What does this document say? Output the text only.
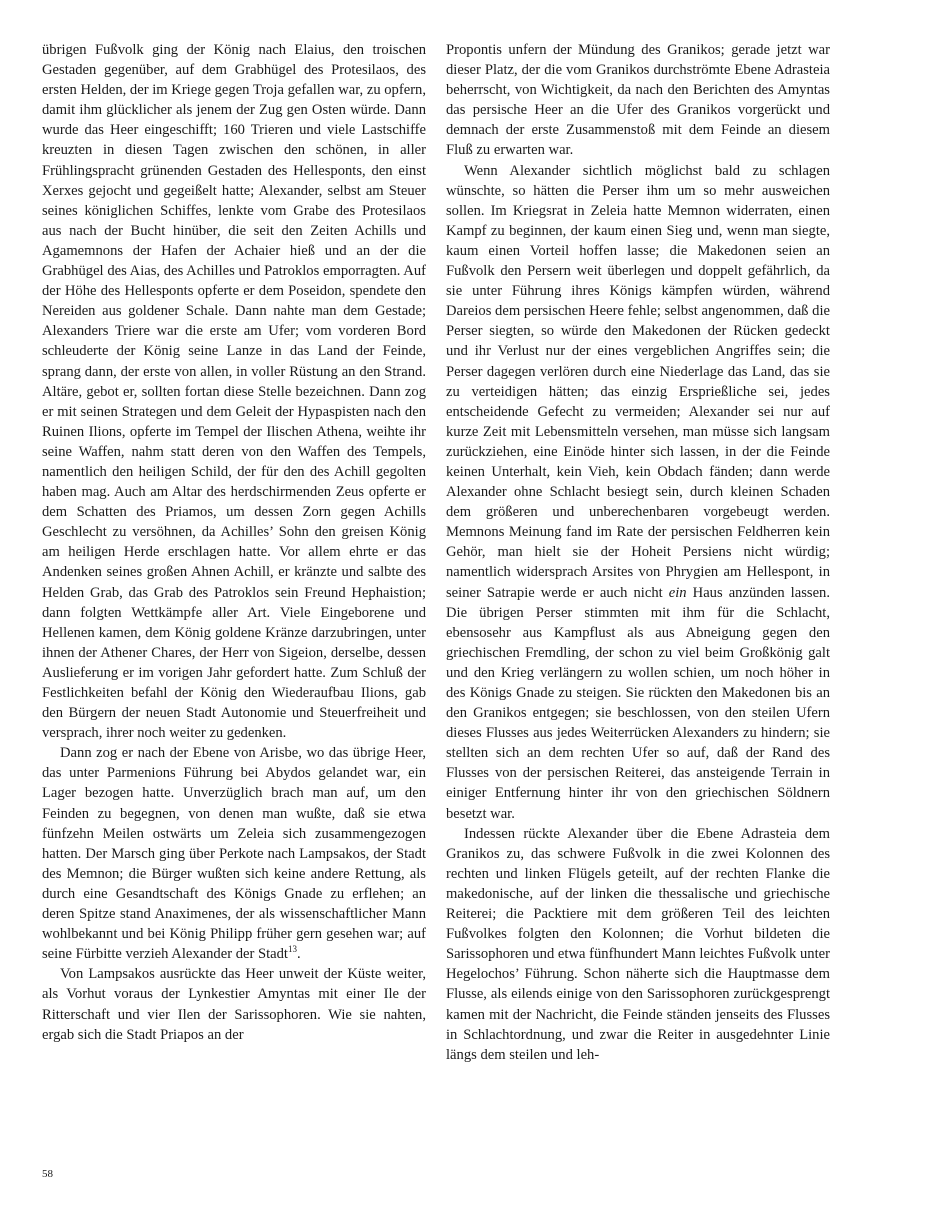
übrigen Fußvolk ging der König nach Elaius, den troischen Gestaden gegenüber, auf dem Grabhügel des Protesilaos, des ersten Helden, der im Kriege gegen Troja gefallen war, zu opfern, damit ihm glücklicher als jenem der Zug gen Osten würde. Dann wurde das Heer eingeschifft; 160 Trieren und viele Lastschiffe kreuzten in diesen Tagen zwischen den schönen, in aller Frühlingspracht grünenden Gestaden des Hellesponts, den einst Xerxes gejocht und gegeißelt hatte; Alexander, selbst am Steuer seines königlichen Schiffes, lenkte vom Grabe des Protesilaos aus nach der Bucht hinüber, die seit den Zeiten Achills und Agamemnons der Hafen der Achaier hieß und an der die Grabhügel des Aias, des Achilles und Patroklos emporragten. Auf der Höhe des Hellesponts opferte er dem Poseidon, spendete den Nereiden aus goldener Schale. Dann nahte man dem Gestade; Alexanders Triere war die erste am Ufer; vom vorderen Bord schleuderte der König seine Lanze in das Land der Feinde, sprang dann, der erste von allen, in voller Rüstung an den Strand. Altäre, gebot er, sollten fortan diese Stelle bezeichnen. Dann zog er mit seinen Strategen und dem Geleit der Hypaspisten nach den Ruinen Ilions, opferte im Tempel der Ilischen Athena, weihte ihr seine Waffen, nahm statt deren von den Waffen des Tempels, namentlich den heiligen Schild, der für den des Achill gegolten haben mag. Auch am Altar des herdschirmenden Zeus opferte er dem Schatten des Priamos, um dessen Zorn gegen Achills Geschlecht zu versöhnen, da Achilles’ Sohn den greisen König am heiligen Herde erschlagen hatte. Vor allem ehrte er das Andenken seines großen Ahnen Achill, er kränzte und salbte des Helden Grab, das Grab des Patroklos sein Freund Hephaistion; dann folgten Wettkämpfe aller Art. Viele Eingeborene und Hellenen kamen, dem König goldene Kränze darzubringen, unter ihnen der Athener Chares, der Herr von Sigeion, derselbe, dessen Auslieferung er im vorigen Jahr gefordert hatte. Zum Schluß der Festlichkeiten befahl der König den Wiederaufbau Ilions, gab den Bürgern der neuen Stadt Autonomie und Steuerfreiheit und versprach, ihrer noch weiter zu gedenken.

Dann zog er nach der Ebene von Arisbe, wo das übrige Heer, das unter Parmenions Führung bei Abydos gelandet war, ein Lager bezogen hatte. Unverzüglich brach man auf, um den Feinden zu begegnen, von denen man wußte, daß sie etwa fünfzehn Meilen ostwärts um Zeleia sich zusammengezogen hatten. Der Marsch ging über Perkote nach Lampsakos, der Stadt des Memnon; die Bürger wußten sich keine andere Rettung, als durch eine Gesandtschaft des Königs Gnade zu erflehen; an deren Spitze stand Anaximenes, der als wissenschaftlicher Mann wohlbekannt und bei König Philipp früher gern gesehen war; auf seine Fürbitte verzieh Alexander der Stadt$^{13}$.

Von Lampsakos ausrückte das Heer unweit der Küste weiter, als Vorhut voraus der Lynkestier Amyntas mit einer Ile der Ritterschaft und vier Ilen der Sarissophoren. Wie sie nahten, ergab sich die Stadt Priapos an der

Propontis unfern der Mündung des Granikos; gerade jetzt war dieser Platz, der die vom Granikos durchströmte Ebene Adrasteia beherrscht, von Wichtigkeit, da nach den Berichten des Amyntas das persische Heer an die Ufer des Granikos vorgerückt und demnach der erste Zusammenstoß mit dem Feinde an diesem Fluß zu erwarten war.

Wenn Alexander sichtlich möglichst bald zu schlagen wünschte, so hätten die Perser ihm um so mehr ausweichen sollen. Im Kriegsrat in Zeleia hatte Memnon widerraten, einen Kampf zu beginnen, der kaum einen Sieg und, wenn man siegte, kaum einen Vorteil hoffen lasse; die Makedonen seien an Fußvolk den Persern weit überlegen und doppelt gefährlich, da sie unter Führung ihres Königs kämpfen würden, während Dareios dem persischen Heere fehle; selbst angenommen, daß die Perser siegten, so würde den Makedonen der Rücken gedeckt und ihr Verlust nur der eines vergeblichen Angriffes sein; die Perser dagegen verlören durch eine Niederlage das Land, das sie zu verteidigen hätten; das einzig Ersprießliche sei, jedes entscheidende Gefecht zu vermeiden; Alexander sei nur auf kurze Zeit mit Lebensmitteln versehen, man müsse sich langsam zurückziehen, eine Einöde hinter sich lassen, in der die Feinde keinen Unterhalt, kein Vieh, kein Obdach fänden; dann werde Alexander ohne Schlacht besiegt sein, durch kleinen Schaden dem größeren und unberechenbaren vorgebeugt werden. Memnons Meinung fand im Rate der persischen Feldherren kein Gehör, man hielt sie der Hoheit Persiens nicht würdig; namentlich widersprach Arsites von Phrygien am Hellespont, in seiner Satrapie werde er auch nicht ein Haus anzünden lassen. Die übrigen Perser stimmten mit ihm für die Schlacht, ebensosehr aus Kampflust als aus Abneigung gegen den griechischen Fremdling, der schon zu viel beim Großkönig galt und den Krieg verlängern zu wollen schien, um noch höher in des Königs Gnade zu steigen. Sie rückten den Makedonen bis an den Granikos entgegen; sie beschlossen, von den steilen Ufern dieses Flusses aus jedes Weiterrücken Alexanders zu hindern; sie stellten sich an dem rechten Ufer so auf, daß der Rand des Flusses von der persischen Reiterei, das ansteigende Terrain in einiger Entfernung hinter ihr von den griechischen Söldnern besetzt war.

Indessen rückte Alexander über die Ebene Adrasteia dem Granikos zu, das schwere Fußvolk in die zwei Kolonnen des rechten und linken Flügels geteilt, auf der rechten Flanke die makedonische, auf der linken die thessalische und griechische Reiterei; die Packtiere mit dem größeren Teil des leichten Fußvolkes folgten den Kolonnen; die Vorhut bildeten die Sarissophoren und etwa fünfhundert Mann leichtes Fußvolk unter Hegelochos’ Führung. Schon näherte sich die Hauptmasse dem Flusse, als eilends einige von den Sarissophoren zurückgesprengt kamen mit der Nachricht, die Feinde ständen jenseits des Flusses in Schlachtordnung, und zwar die Reiter in ausgedehnter Linie längs dem steilen und leh-

58
